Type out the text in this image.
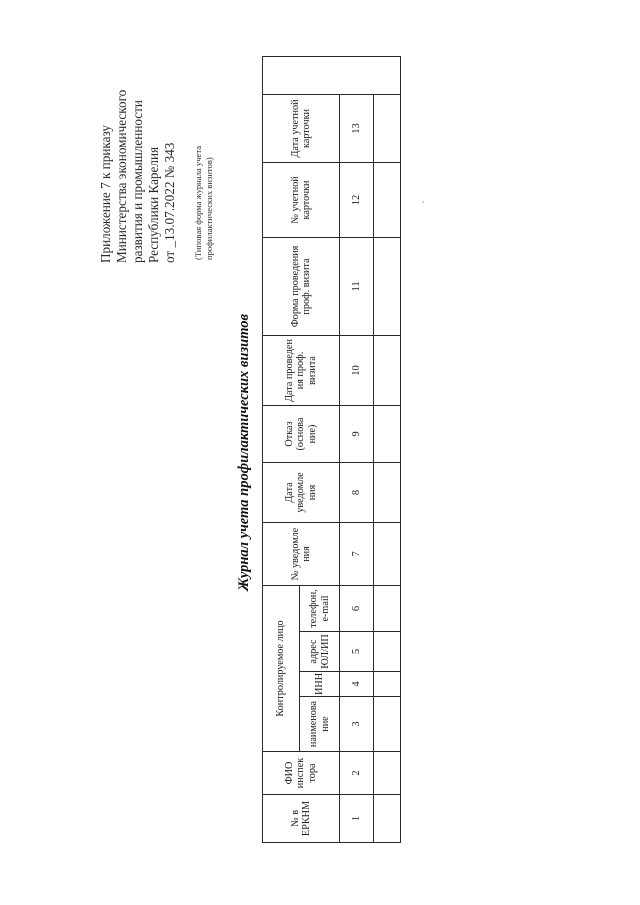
Приложение 7 к приказу Министерства экономического развития и промышленности Республики Карелия от _13.07.2022 № 343 (Типовая форма журнала учета профилактических визитов)
Журнал учета профилактических визитов
№ в ЕРКНМ	ФИО инспек тора	Контролируемое лицо				№ уведомле ния	Дата уведомле ния	Отказ (основа ние)	Дата проведен ия проф. визита	Форма проведения проф. визита	№ учетной карточки	Дата учетной карточки	
		наименова ние	ИНН	адрес ЮЛ/ИП	телефон, e-mail								
1	2	3	4	5	6	7	8	9	10	11	12	13	
